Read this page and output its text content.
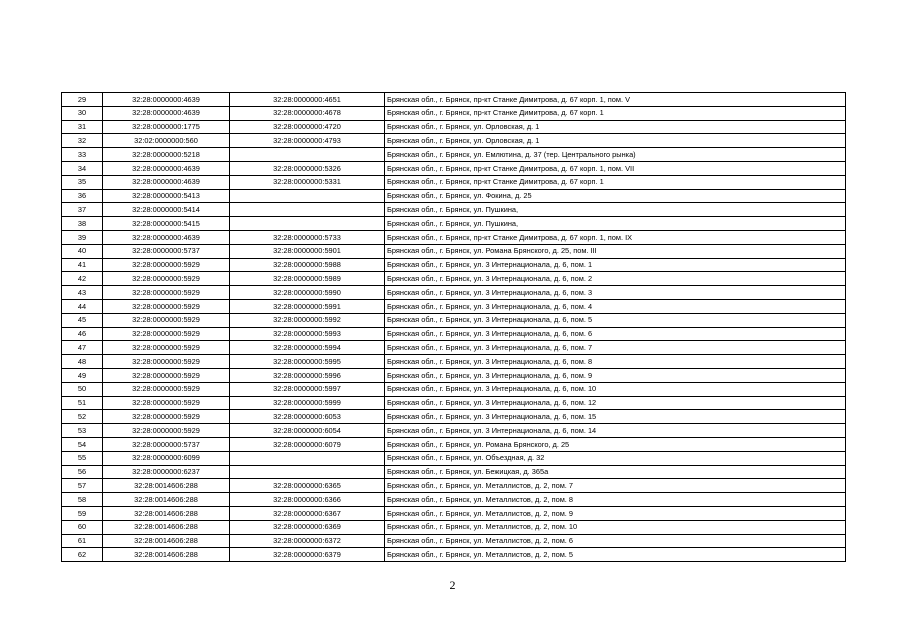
29	32:28:0000000:4639	32:28:0000000:4651	Брянская обл., г. Брянск, пр-кт Станке Димитрова, д. 67 корп. 1, пом. V
30	32:28:0000000:4639	32:28:0000000:4678	Брянская обл., г. Брянск, пр-кт Станке Димитрова, д. 67 корп. 1
31	32:28:0000000:1775	32:28:0000000:4720	Брянская обл., г. Брянск, ул. Орловская, д. 1
32	32:02:0000000:560	32:28:0000000:4793	Брянская обл., г. Брянск, ул. Орловская, д. 1
33	32:28:0000000:5218		Брянская обл., г. Брянск, ул. Емлютина, д. 37 (тер. Центрального рынка)
34	32:28:0000000:4639	32:28:0000000:5326	Брянская обл., г. Брянск, пр-кт Станке Димитрова, д. 67 корп. 1, пом. VII
35	32:28:0000000:4639	32:28:0000000:5331	Брянская обл., г. Брянск, пр-кт Станке Димитрова, д. 67 корп. 1
36	32:28:0000000:5413		Брянская обл., г. Брянск, ул. Фокина, д. 25
37	32:28:0000000:5414		Брянская обл., г. Брянск, ул. Пушкина,
38	32:28:0000000:5415		Брянская обл., г. Брянск, ул. Пушкина,
39	32:28:0000000:4639	32:28:0000000:5733	Брянская обл., г. Брянск, пр-кт Станке Димитрова, д. 67 корп. 1, пом. IX
40	32:28:0000000:5737	32:28:0000000:5901	Брянская обл., г. Брянск, ул. Романа Брянского, д. 25, пом. III
41	32:28:0000000:5929	32:28:0000000:5988	Брянская обл., г. Брянск, ул. 3 Интернационала, д. 6, пом. 1
42	32:28:0000000:5929	32:28:0000000:5989	Брянская обл., г. Брянск, ул. 3 Интернационала, д. 6, пом. 2
43	32:28:0000000:5929	32:28:0000000:5990	Брянская обл., г. Брянск, ул. 3 Интернационала, д. 6, пом. 3
44	32:28:0000000:5929	32:28:0000000:5991	Брянская обл., г. Брянск, ул. 3 Интернационала, д. 6, пом. 4
45	32:28:0000000:5929	32:28:0000000:5992	Брянская обл., г. Брянск, ул. 3 Интернационала, д. 6, пом. 5
46	32:28:0000000:5929	32:28:0000000:5993	Брянская обл., г. Брянск, ул. 3 Интернационала, д. 6, пом. 6
47	32:28:0000000:5929	32:28:0000000:5994	Брянская обл., г. Брянск, ул. 3 Интернационала, д. 6, пом. 7
48	32:28:0000000:5929	32:28:0000000:5995	Брянская обл., г. Брянск, ул. 3 Интернационала, д. 6, пом. 8
49	32:28:0000000:5929	32:28:0000000:5996	Брянская обл., г. Брянск, ул. 3 Интернационала, д. 6, пом. 9
50	32:28:0000000:5929	32:28:0000000:5997	Брянская обл., г. Брянск, ул. 3 Интернационала, д. 6, пом. 10
51	32:28:0000000:5929	32:28:0000000:5999	Брянская обл., г. Брянск, ул. 3 Интернационала, д. 6, пом. 12
52	32:28:0000000:5929	32:28:0000000:6053	Брянская обл., г. Брянск, ул. 3 Интернационала, д. 6, пом. 15
53	32:28:0000000:5929	32:28:0000000:6054	Брянская обл., г. Брянск, ул. 3 Интернационала, д. 6, пом. 14
54	32:28:0000000:5737	32:28:0000000:6079	Брянская обл., г. Брянск, ул. Романа Брянского, д. 25
55	32:28:0000000:6099		Брянская обл., г. Брянск, ул. Объездная, д. 32
56	32:28:0000000:6237		Брянская обл., г. Брянск, ул. Бежицкая, д. 365а
57	32:28:0014606:288	32:28:0000000:6365	Брянская обл., г. Брянск, ул. Металлистов, д. 2, пом. 7
58	32:28:0014606:288	32:28:0000000:6366	Брянская обл., г. Брянск, ул. Металлистов, д. 2, пом. 8
59	32:28:0014606:288	32:28:0000000:6367	Брянская обл., г. Брянск, ул. Металлистов, д. 2, пом. 9
60	32:28:0014606:288	32:28:0000000:6369	Брянская обл., г. Брянск, ул. Металлистов, д. 2, пом. 10
61	32:28:0014606:288	32:28:0000000:6372	Брянская обл., г. Брянск, ул. Металлистов, д. 2, пом. 6
62	32:28:0014606:288	32:28:0000000:6379	Брянская обл., г. Брянск, ул. Металлистов, д. 2, пом. 5
2
